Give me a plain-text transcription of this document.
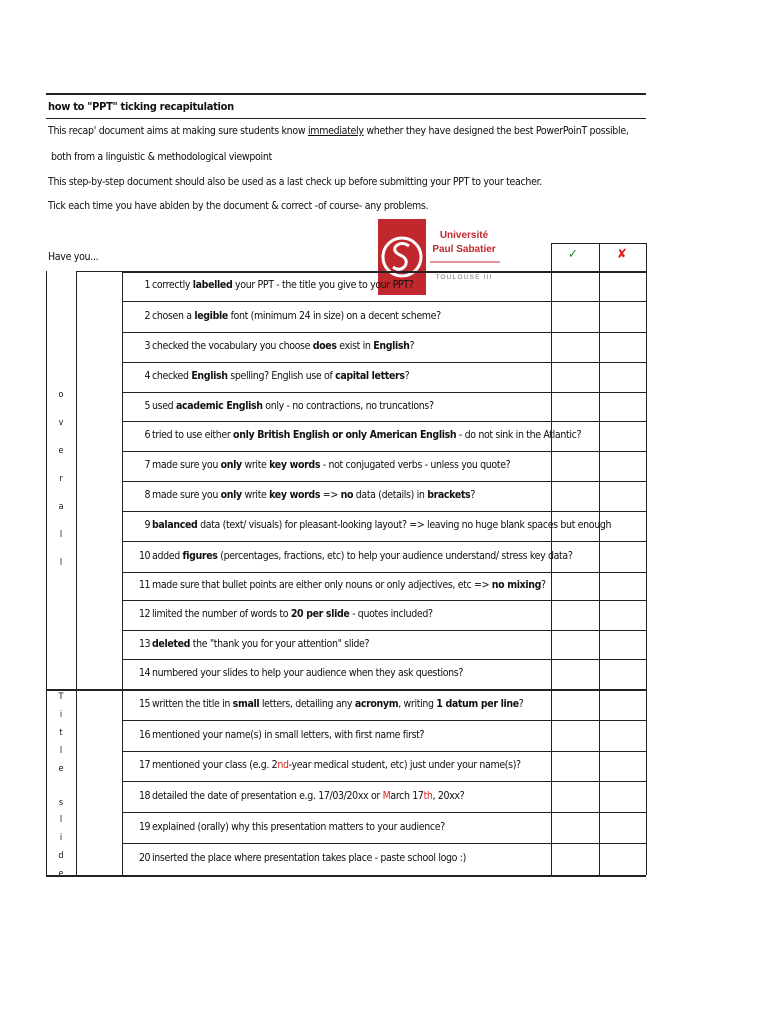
how to "PPT" ticking recapitulation
This recap' document aims at making sure students know immediately whether they have designed the best PowerPoinT possible,
both from a linguistic & methodological viewpoint
This step-by-step document should also be used as a last check up before submitting your PPT to your teacher.
Tick each time you have abiden by the document & correct -of course- any problems.
Have you...
Université
Paul Sabatier
TOULOUSE III
✓	✘
o
v
e
r
a
l
l
T
i
t
l
e
s
l
i
d
1 correctly labelled your PPT - the title you give to your PPT?
2 chosen a legible font (minimum 24 in size) on a decent scheme?
3 checked the vocabulary you choose does exist in English?
4 checked English spelling? English use of capital letters?
5 used academic English only - no contractions, no truncations?
6 tried to use either only British English or only American English - do not sink in the Atlantic?
7 made sure you only write key words - not conjugated verbs - unless you quote?
8 made sure you only write key words => no data (details) in brackets?
9 balanced data (text/ visuals) for pleasant-looking layout? => leaving no huge blank spaces but enough
10 added figures (percentages, fractions, etc) to help your audience understand/ stress key data?
11 made sure that bullet points are either only nouns or only adjectives, etc => no mixing?
12 limited the number of words to 20 per slide - quotes included?
13 deleted the "thank you for your attention" slide?
14 numbered your slides to help your audience when they ask questions?
15 written the title in small letters, detailing any acronym, writing 1 datum per line?
16 mentioned your name(s) in small letters, with first name first?
17 mentioned your class (e.g. 2nd-year medical student, etc) just under your name(s)?
18 detailed the date of presentation e.g. 17/03/20xx or March 17th, 20xx?
19 explained (orally) why this presentation matters to your audience?
20 inserted the place where presentation takes place - paste school logo :)
